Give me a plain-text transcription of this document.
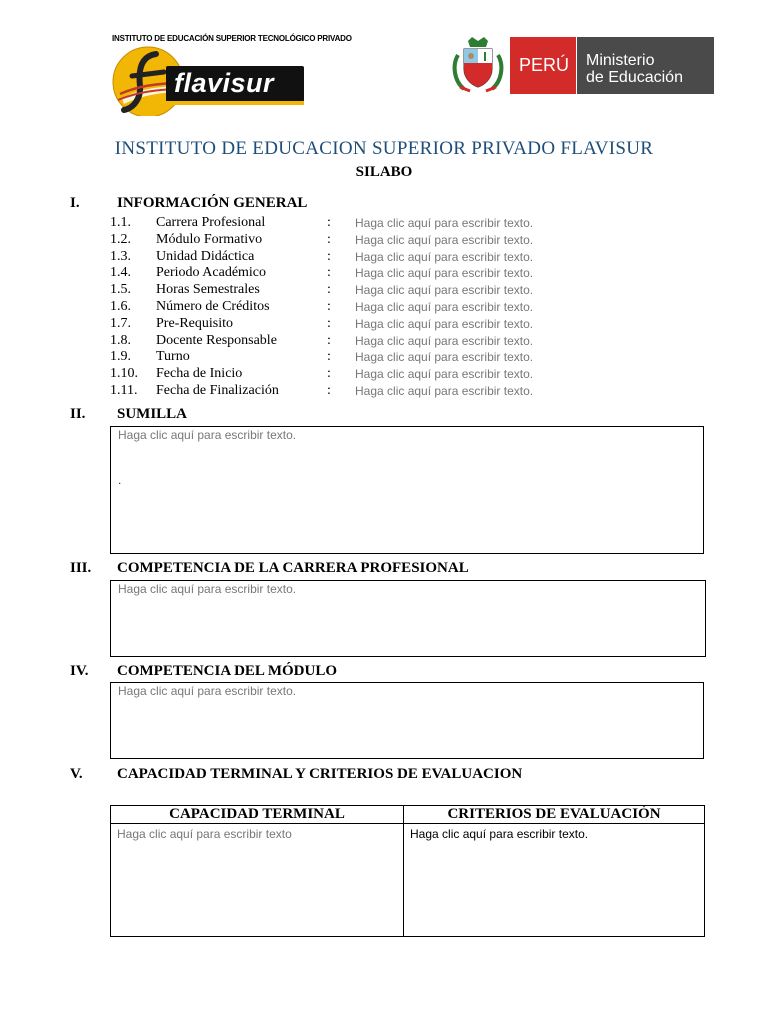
INSTITUTO DE EDUCACIÓN SUPERIOR TECNOLÓGICO PRIVADO
flavisur
PERÚ Ministerio
de Educación
INSTITUTO DE EDUCACION SUPERIOR PRIVADO FLAVISUR
SILABO
I. INFORMACIÓN GENERAL
1.1. Carrera Profesional	: Haga clic aquí para escribir texto.
1.2. Módulo Formativo	: Haga clic aquí para escribir texto.
1.3. Unidad Didáctica	: Haga clic aquí para escribir texto.
1.4. Periodo Académico	: Haga clic aquí para escribir texto.
1.5. Horas Semestrales	: Haga clic aquí para escribir texto.
1.6. Número de Créditos	: Haga clic aquí para escribir texto.
1.7. Pre-Requisito	: Haga clic aquí para escribir texto.
1.8. Docente Responsable	: Haga clic aquí para escribir texto.
1.9. Turno	: Haga clic aquí para escribir texto.
1.10. Fecha de Inicio	: Haga clic aquí para escribir texto.
1.11. Fecha de Finalización	: Haga clic aquí para escribir texto.
II. SUMILLA
Haga clic aquí para escribir texto.
.
III. COMPETENCIA DE LA CARRERA PROFESIONAL
Haga clic aquí para escribir texto.
IV. COMPETENCIA DEL MÓDULO
Haga clic aquí para escribir texto.
V. CAPACIDAD TERMINAL Y CRITERIOS DE EVALUACION
CAPACIDAD TERMINAL	CRITERIOS DE EVALUACIÓN
Haga clic aquí para escribir texto	Haga clic aquí para escribir texto.
